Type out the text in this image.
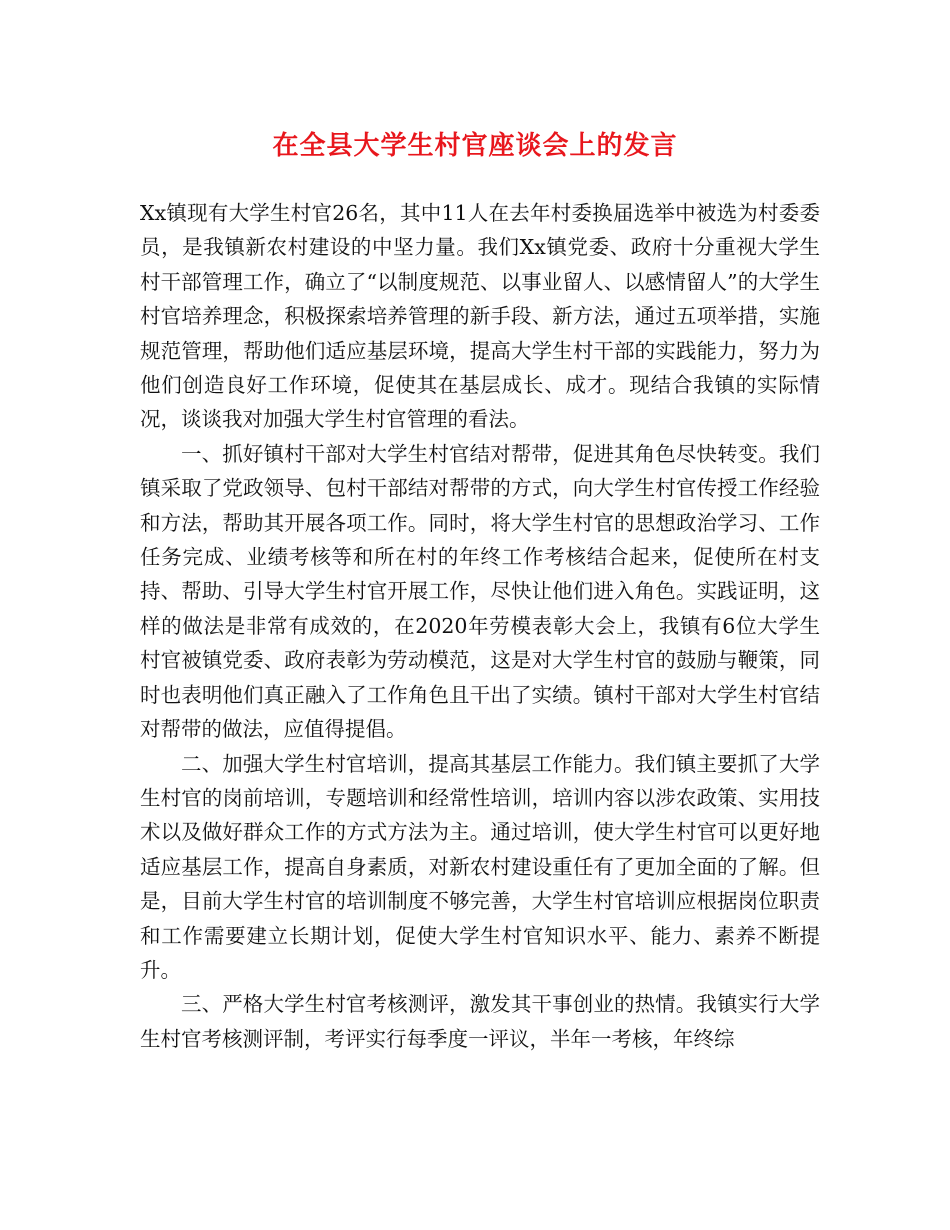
在全县大学生村官座谈会上的发言

Xx镇现有大学生村官26名，其中11人在去年村委换届选举中被选为村委委员，是我镇新农村建设的中坚力量。我们Xx镇党委、政府十分重视大学生村干部管理工作，确立了“以制度规范、以事业留人、以感情留人”的大学生村官培养理念，积极探索培养管理的新手段、新方法，通过五项举措，实施规范管理，帮助他们适应基层环境，提高大学生村干部的实践能力，努力为他们创造良好工作环境，促使其在基层成长、成才。现结合我镇的实际情况，谈谈我对加强大学生村官管理的看法。

一、抓好镇村干部对大学生村官结对帮带，促进其角色尽快转变。我们镇采取了党政领导、包村干部结对帮带的方式，向大学生村官传授工作经验和方法，帮助其开展各项工作。同时，将大学生村官的思想政治学习、工作任务完成、业绩考核等和所在村的年终工作考核结合起来，促使所在村支持、帮助、引导大学生村官开展工作，尽快让他们进入角色。实践证明，这样的做法是非常有成效的，在2020年劳模表彰大会上，我镇有6位大学生村官被镇党委、政府表彰为劳动模范，这是对大学生村官的鼓励与鞭策，同时也表明他们真正融入了工作角色且干出了实绩。镇村干部对大学生村官结对帮带的做法，应值得提倡。

二、加强大学生村官培训，提高其基层工作能力。我们镇主要抓了大学生村官的岗前培训，专题培训和经常性培训，培训内容以涉农政策、实用技术以及做好群众工作的方式方法为主。通过培训，使大学生村官可以更好地适应基层工作，提高自身素质，对新农村建设重任有了更加全面的了解。但是，目前大学生村官的培训制度不够完善，大学生村官培训应根据岗位职责和工作需要建立长期计划，促使大学生村官知识水平、能力、素养不断提升。

三、严格大学生村官考核测评，激发其干事创业的热情。我镇实行大学生村官考核测评制，考评实行每季度一评议，半年一考核，年终综
